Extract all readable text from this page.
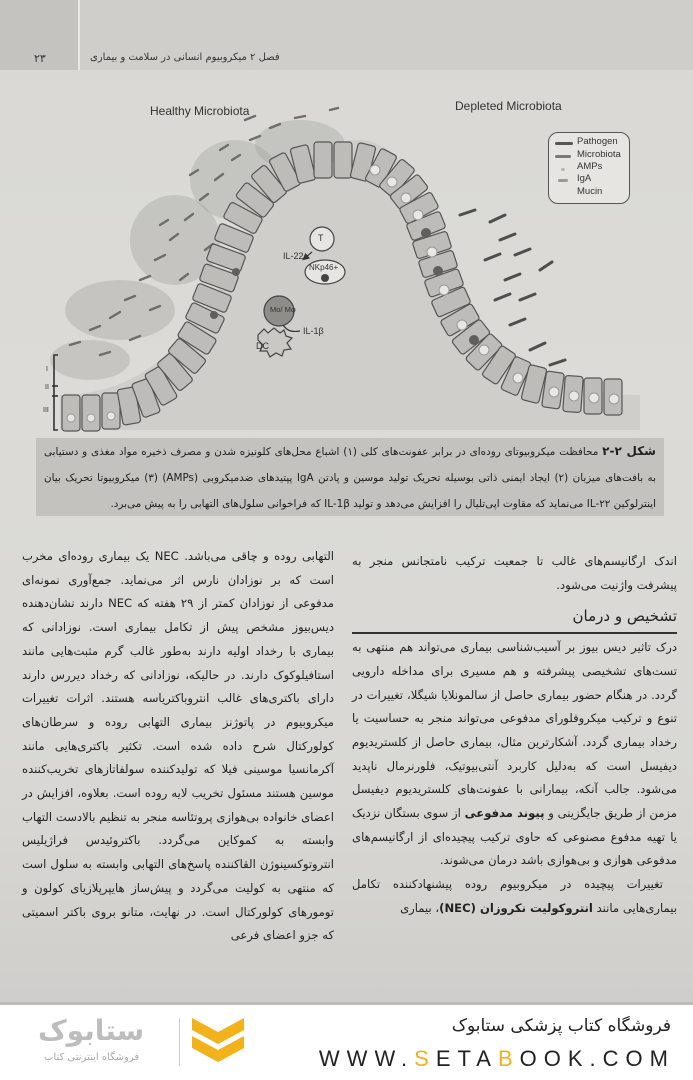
۲۳	فصل ۲ میکروبیوم انسانی در سلامت و بیماری
Healthy Microbiota	Depleted Microbiota
T
IL-22
NKp46+
Mo/ Mφ
DC
IL-1β
I
II
III
Pathogen
Microbiota
AMPs
IgA
Mucin
شکل ۲-۲ محافظت میکروبیوتای روده‌ای در برابر عفونت‌های کلی (۱) اشباع محل‌های کلونیزه شدن و مصرف ذخیره مواد مغذی و دستیابی به بافت‌های میزبان (۲) ایجاد ایمنی ذاتی بوسیله تحریک تولید موسین و پادتن IgA پپتیدهای ضدمیکروبی (AMPs) (۳) میکروبیوتا تحریک بیان اینترلوکین IL-۲۲ می‌نماید که مقاوت اپی‌تلیال را افزایش می‌دهد و تولید IL-1β که فراخوانی سلول‌های التهابی را به پیش می‌برد.

اندک ارگانیسم‌های غالب تا جمعیت ترکیب نامتجانس منجر به پیشرفت واژنیت می‌شود.

تشخیص و درمان

درک تاثیر دیس بیوز بر آسیب‌شناسی بیماری می‌تواند هم منتهی به تست‌های تشخیصی پیشرفته و هم مسیری برای مداخله دارویی گردد. در هنگام حضور بیماری حاصل از سالمونلایا شیگلا، تغییرات در تنوع و ترکیب میکروفلورای مدفوعی می‌تواند منجر به حساسیت یا رخداد بیماری گردد. آشکارترین مثال، بیماری حاصل از کلستریدیوم دیفیسل است که به‌دلیل کاربرد آنتی‌بیوتیک، فلورنرمال ناپدید می‌شود. جالب آنکه، بیمارانی با عفونت‌های کلستریدیوم دیفیسل مزمن از طریق جایگزینی و پیوند مدفوعی از سوی بستگان نزدیک یا تهیه مدفوع مصنوعی که حاوی ترکیب پیچیده‌ای از ارگانیسم‌های مدفوعی هوازی و بی‌هوازی باشد درمان می‌شوند.

تغییرات پیچیده در میکروبیوم روده پیشنهادکننده تکامل بیماری‌هایی مانند انتروکولیت نکروزان (NEC)، بیماری

التهابی روده و چاقی می‌باشد. NEC یک بیماری روده‌ای مخرب است که بر نوزادان نارس اثر می‌نماید. جمع‌آوری نمونه‌ای مدفوعی از نوزادان کمتر از ۲۹ هفته که NEC دارند نشان‌دهنده دیس‌بیوز مشخص پیش از تکامل بیماری است. نوزادانی که بیماری با رخداد اولیه دارند به‌طور غالب گرم مثبت‌هایی مانند استافیلوکوک دارند. در حالیکه، نوزادانی که رخداد دیررس دارند دارای باکتری‌های غالب انتروباکتریاسه هستند. اثرات تغییرات میکروبیوم در پاتوژنز بیماری التهابی روده و سرطان‌های کولورکتال شرح داده شده است. تکثیر باکتری‌هایی مانند آکرمانسیا موسینی فیلا که تولیدکننده سولفاتازهای تخریب‌کننده موسین هستند مسئول تخریب لایه روده است. بعلاوه، افزایش در اعضای خانواده بی‌هوازی پروتئاسه منجر به تنظیم بالادست التهاب وابسته به کموکاین می‌گردد. باکتروئیدس فراژیلیس انتروتوکسینوژن القاکننده پاسخ‌های التهابی وابسته به سلول است که منتهی به کولیت می‌گردد و پیش‌ساز هایپرپلازیای کولون و تومورهای کولورکتال است. در نهایت، متانو بروی باکتر اسمیتی که جزو اعضای فرعی

فروشگاه کتاب پزشکی ستابوک
WWW.SETABOOK.COM
ستابوک
فروشگاه اینترنتی کتاب
